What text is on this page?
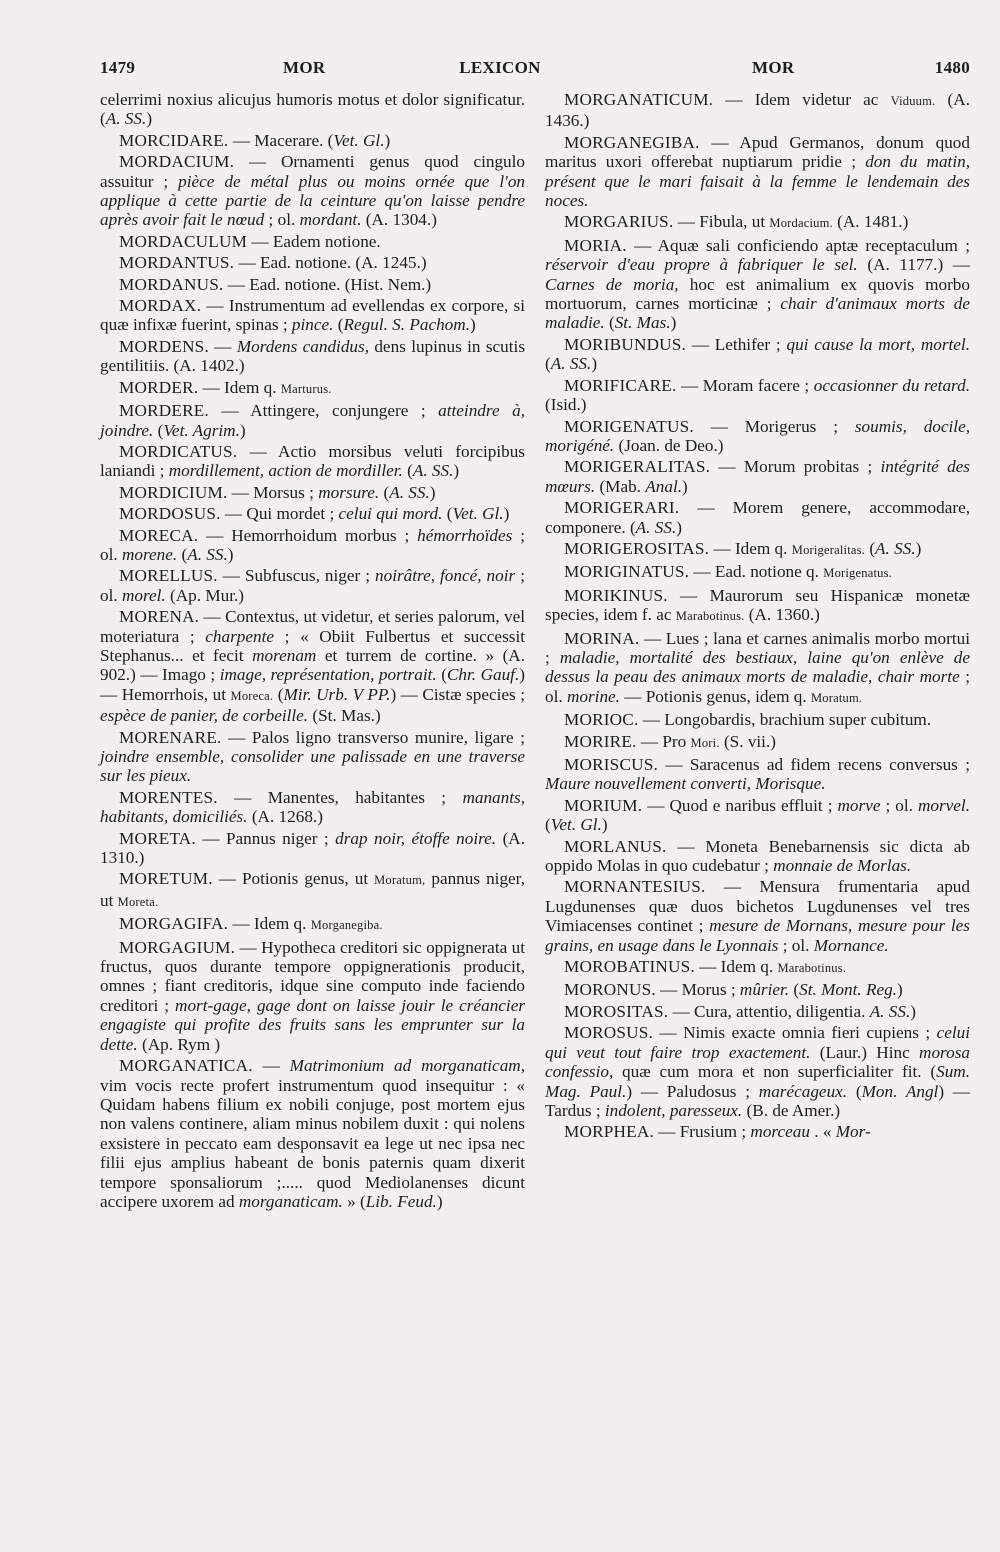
1479	MOR	LEXICON	MOR	1480

celerrimi noxius alicujus humoris motus et dolor significatur. (A. SS.)

MORCIDARE. — Macerare. (Vet. Gl.)

MORDACIUM. — Ornamenti genus quod cingulo assuitur ; pièce de métal plus ou moins ornée que l'on applique à cette partie de la ceinture qu'on laisse pendre après avoir fait le nœud ; ol. mordant. (A. 1304.)

MORDACULUM — Eadem notione.

MORDANTUS. — Ead. notione. (A. 1245.)

MORDANUS. — Ead. notione. (Hist. Nem.)

MORDAX. — Instrumentum ad evellendas ex corpore, si quæ infixæ fuerint, spinas ; pince. (Regul. S. Pachom.)

MORDENS. — Mordens candidus, dens lupinus in scutis gentilitiis. (A. 1402.)

MORDER. — Idem q. Marturus.

MORDERE. — Attingere, conjungere ; atteindre à, joindre. (Vet. Agrim.)

MORDICATUS. — Actio morsibus veluti forcipibus laniandi ; mordillement, action de mordiller. (A. SS.)

MORDICIUM. — Morsus ; morsure. (A. SS.)

MORDOSUS. — Qui mordet ; celui qui mord. (Vet. Gl.)

MORECA. — Hemorrhoidum morbus ; hémorrhoïdes ; ol. morene. (A. SS.)

MORELLUS. — Subfuscus, niger ; noirâtre, foncé, noir ; ol. morel. (Ap. Mur.)

MORENA. — Contextus, ut videtur, et series palorum, vel moteriatura ; charpente ; « Obiit Fulbertus et successit Stephanus... et fecit morenam et turrem de cortine. » (A. 902.) — Imago ; image, représentation, portrait. (Chr. Gauf.) — Hemorrhois, ut Moreca. (Mir. Urb. V PP.) — Cistæ species ; espèce de panier, de corbeille. (St. Mas.)

MORENARE. — Palos ligno transverso munire, ligare ; joindre ensemble, consolider une palissade en une traverse sur les pieux.

MORENTES. — Manentes, habitantes ; manants, habitants, domiciliés. (A. 1268.)

MORETA. — Pannus niger ; drap noir, étoffe noire. (A. 1310.)

MORETUM. — Potionis genus, ut Moratum, pannus niger, ut Moreta.

MORGAGIFA. — Idem q. Morganegiba.

MORGAGIUM. — Hypotheca creditori sic oppignerata ut fructus, quos durante tempore oppignerationis producit, omnes ; fiant creditoris, idque sine computo inde faciendo creditori ; mort-gage, gage dont on laisse jouir le créancier engagiste qui profite des fruits sans les emprunter sur la dette. (Ap. Rym )

MORGANATICA. — Matrimonium ad morganaticam, vim vocis recte profert instrumentum quod insequitur : « Quidam habens filium ex nobili conjuge, post mortem ejus non valens continere, aliam minus nobilem duxit : qui nolens exsistere in peccato eam desponsavit ea lege ut nec ipsa nec filii ejus amplius habeant de bonis paternis quam dixerit tempore sponsaliorum ;..... quod Mediolanenses dicunt accipere uxorem ad morganaticam. » (Lib. Feud.)

MORGANATICUM. — Idem videtur ac Viduum. (A. 1436.)

MORGANEGIBA. — Apud Germanos, donum quod maritus uxori offerebat nuptiarum pridie ; don du matin, présent que le mari faisait à la femme le lendemain des noces.

MORGARIUS. — Fibula, ut Mordacium. (A. 1481.)

MORIA. — Aquæ sali conficiendo aptæ receptaculum ; réservoir d'eau propre à fabriquer le sel. (A. 1177.) — Carnes de moria, hoc est animalium ex quovis morbo mortuorum, carnes morticinæ ; chair d'animaux morts de maladie. (St. Mas.)

MORIBUNDUS. — Lethifer ; qui cause la mort, mortel. (A. SS.)

MORIFICARE. — Moram facere ; occasionner du retard. (Isid.)

MORIGENATUS. — Morigerus ; soumis, docile, morigéné. (Joan. de Deo.)

MORIGERALITAS. — Morum probitas ; intégrité des mœurs. (Mab. Anal.)

MORIGERARI. — Morem genere, accommodare, componere. (A. SS.)

MORIGEROSITAS. — Idem q. Morigeralitas. (A. SS.)

MORIGINATUS. — Ead. notione q. Morigenatus.

MORIKINUS. — Maurorum seu Hispanicæ monetæ species, idem f. ac Marabotinus. (A. 1360.)

MORINA. — Lues ; lana et carnes animalis morbo mortui ; maladie, mortalité des bestiaux, laine qu'on enlève de dessus la peau des animaux morts de maladie, chair morte ; ol. morine. — Potionis genus, idem q. Moratum.

MORIOC. — Longobardis, brachium super cubitum.

MORIRE. — Pro Mori. (S. vii.)

MORISCUS. — Saracenus ad fidem recens conversus ; Maure nouvellement converti, Morisque.

MORIUM. — Quod e naribus effluit ; morve ; ol. morvel. (Vet. Gl.)

MORLANUS. — Moneta Benebarnensis sic dicta ab oppido Molas in quo cudebatur ; monnaie de Morlas.

MORNANTESIUS. — Mensura frumentaria apud Lugdunenses quæ duos bichetos Lugdunenses vel tres Vimiacenses continet ; mesure de Mornans, mesure pour les grains, en usage dans le Lyonnais ; ol. Mornance.

MOROBATINUS. — Idem q. Marabotinus.

MORONUS. — Morus ; mûrier. (St. Mont. Reg.)

MOROSITAS. — Cura, attentio, diligentia. A. SS.)

MOROSUS. — Nimis exacte omnia fieri cupiens ; celui qui veut tout faire trop exactement. (Laur.) Hinc morosa confessio, quæ cum mora et non superficialiter fit. (Sum. Mag. Paul.) — Paludosus ; marécageux. (Mon. Angl) — Tardus ; indolent, paresseux. (B. de Amer.)

MORPHEA. — Frusium ; morceau . « Mor-
